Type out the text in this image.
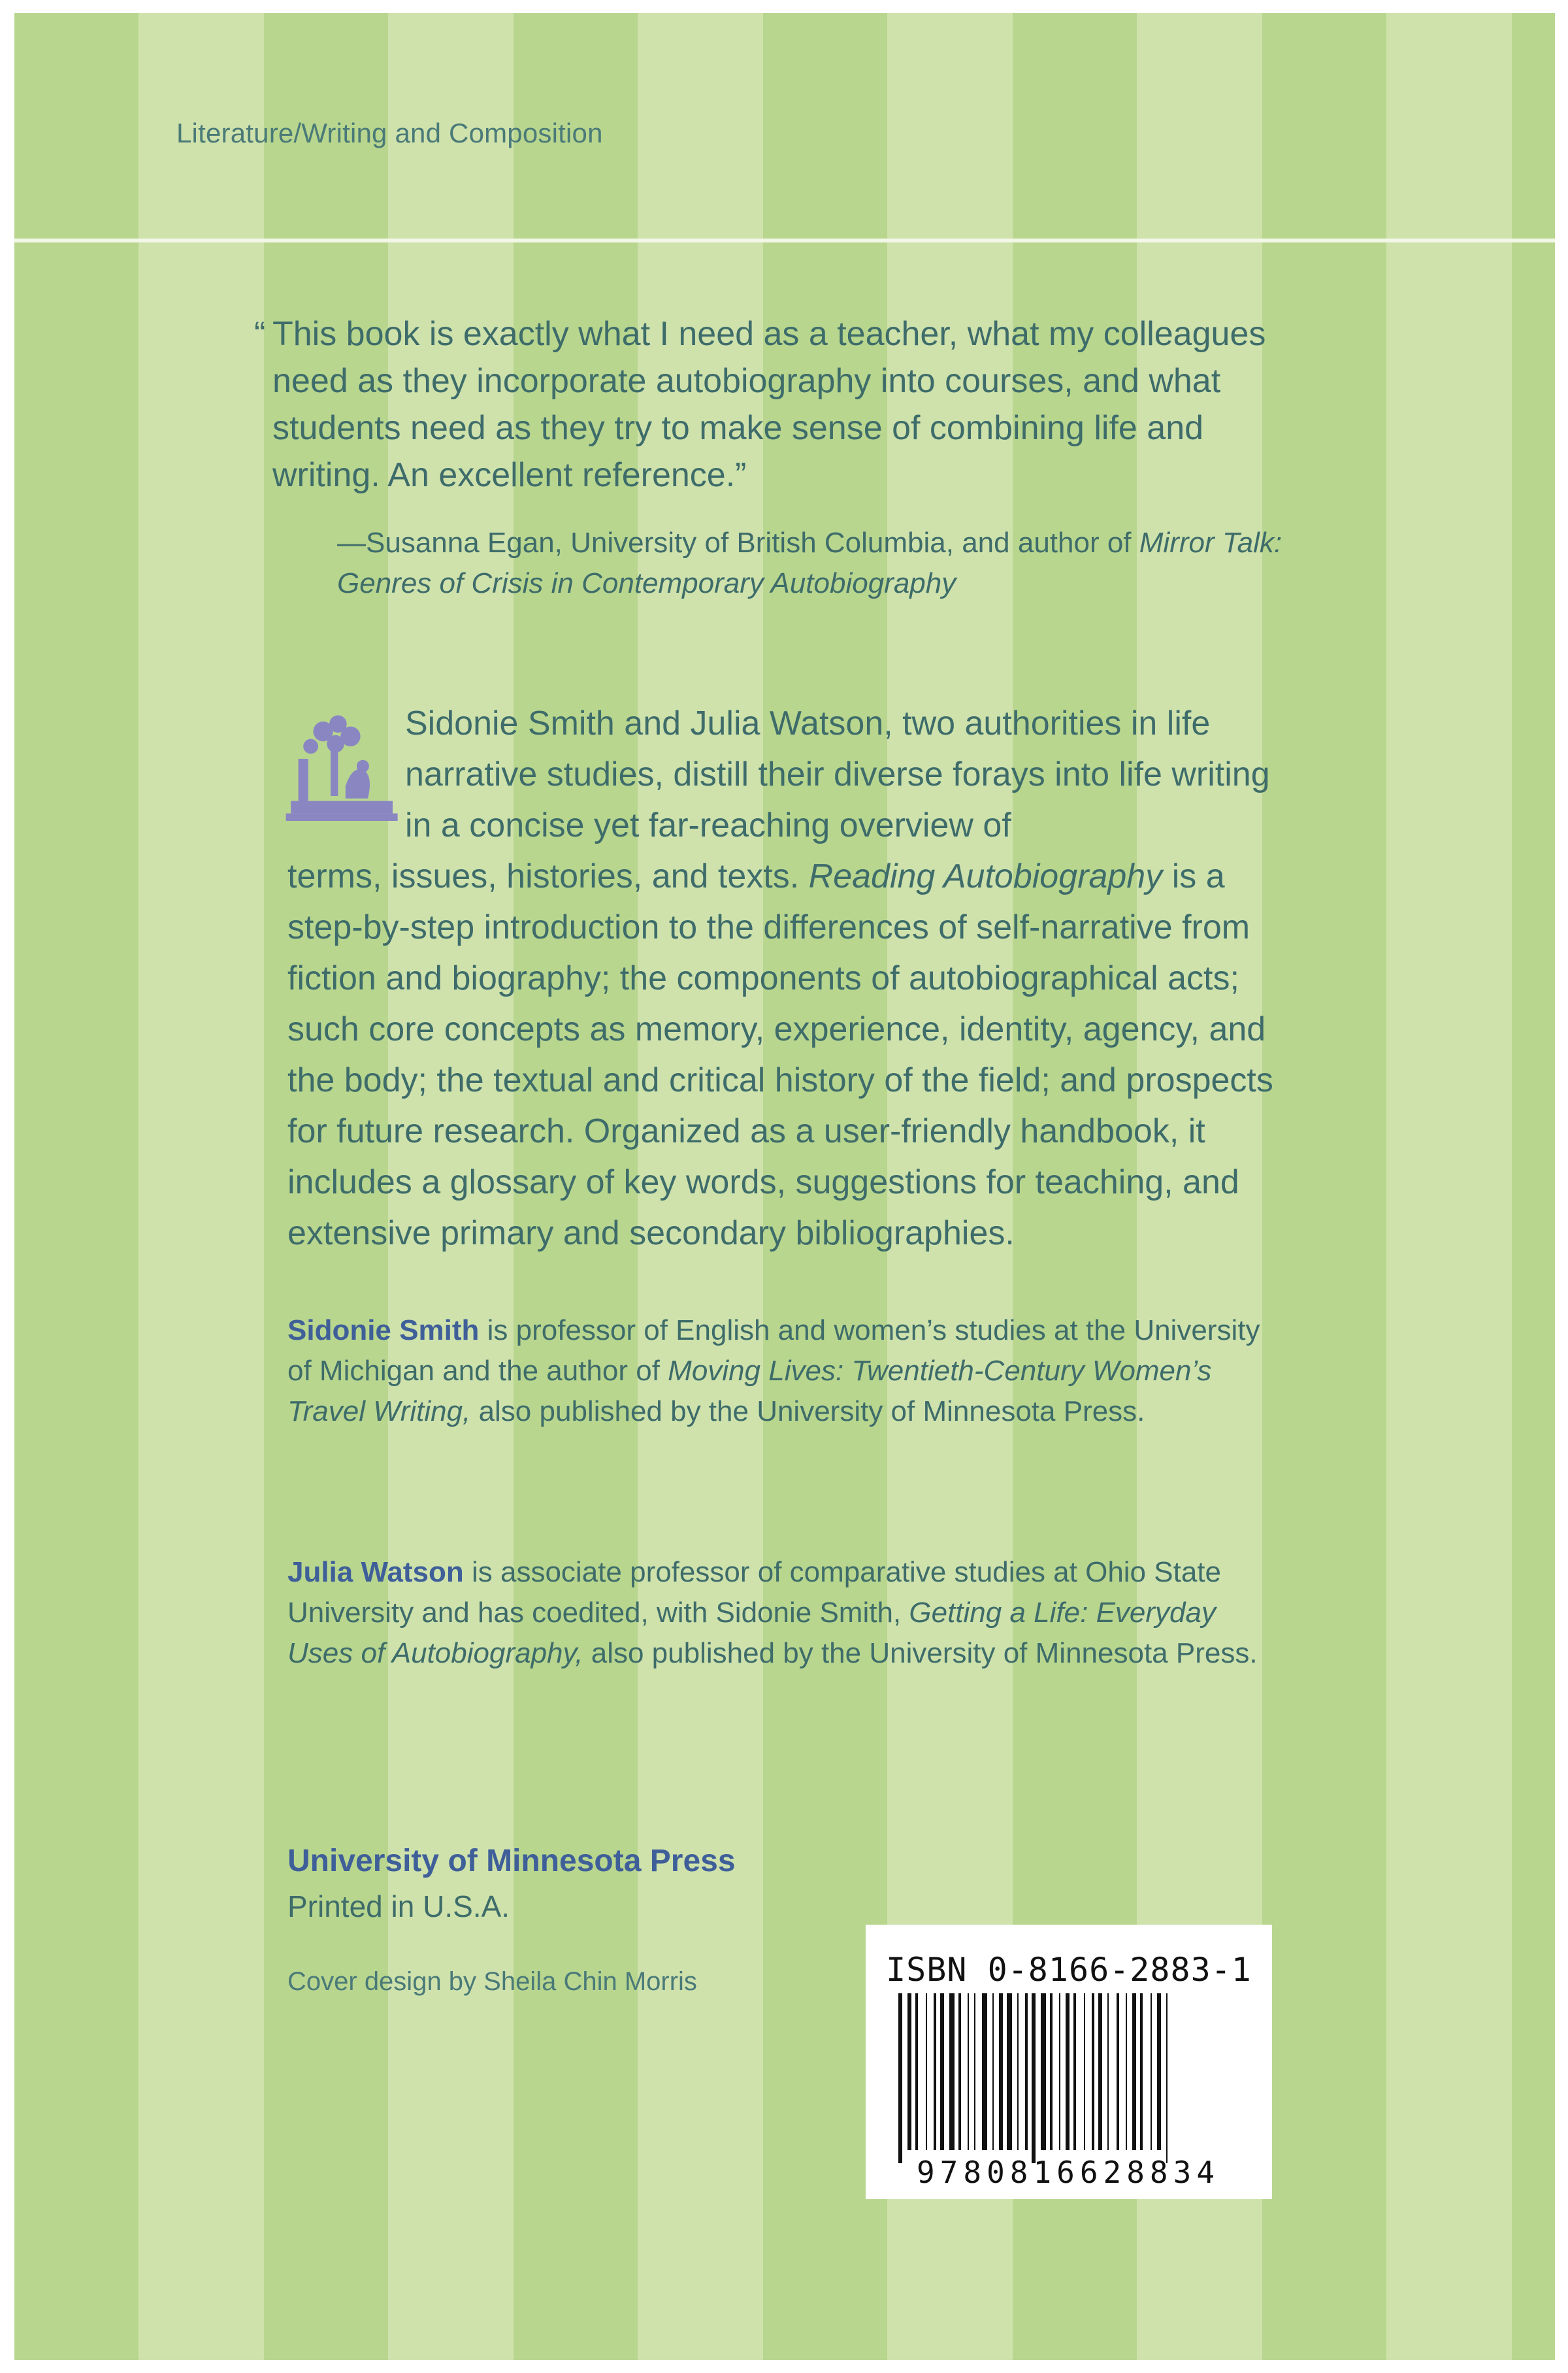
Literature/Writing and Composition
“ This book is exactly what I need as a teacher, what my colleagues need as they incorporate autobiography into courses, and what students need as they try to make sense of combining life and writing. An excellent reference.”
—Susanna Egan, University of British Columbia, and author of Mirror Talk: Genres of Crisis in Contemporary Autobiography
Sidonie Smith and Julia Watson, two authorities in life narrative studies, distill their diverse forays into life writing in a concise yet far-reaching overview of
terms, issues, histories, and texts. Reading Autobiography is a step-by-step introduction to the differences of self-narrative from fiction and biography; the components of autobiographical acts; such core concepts as memory, experience, identity, agency, and the body; the textual and critical history of the field; and prospects for future research. Organized as a user-friendly handbook, it includes a glossary of key words, suggestions for teaching, and extensive primary and secondary bibliographies.
Sidonie Smith is professor of English and women’s studies at the University of Michigan and the author of Moving Lives: Twentieth-Century Women’s Travel Writing, also published by the University of Minnesota Press.
Julia Watson is associate professor of comparative studies at Ohio State University and has coedited, with Sidonie Smith, Getting a Life: Everyday Uses of Autobiography, also published by the University of Minnesota Press.
University of Minnesota Press
Printed in U.S.A.
Cover design by Sheila Chin Morris	ISBN 0-8166-2883-1
9780816628834
